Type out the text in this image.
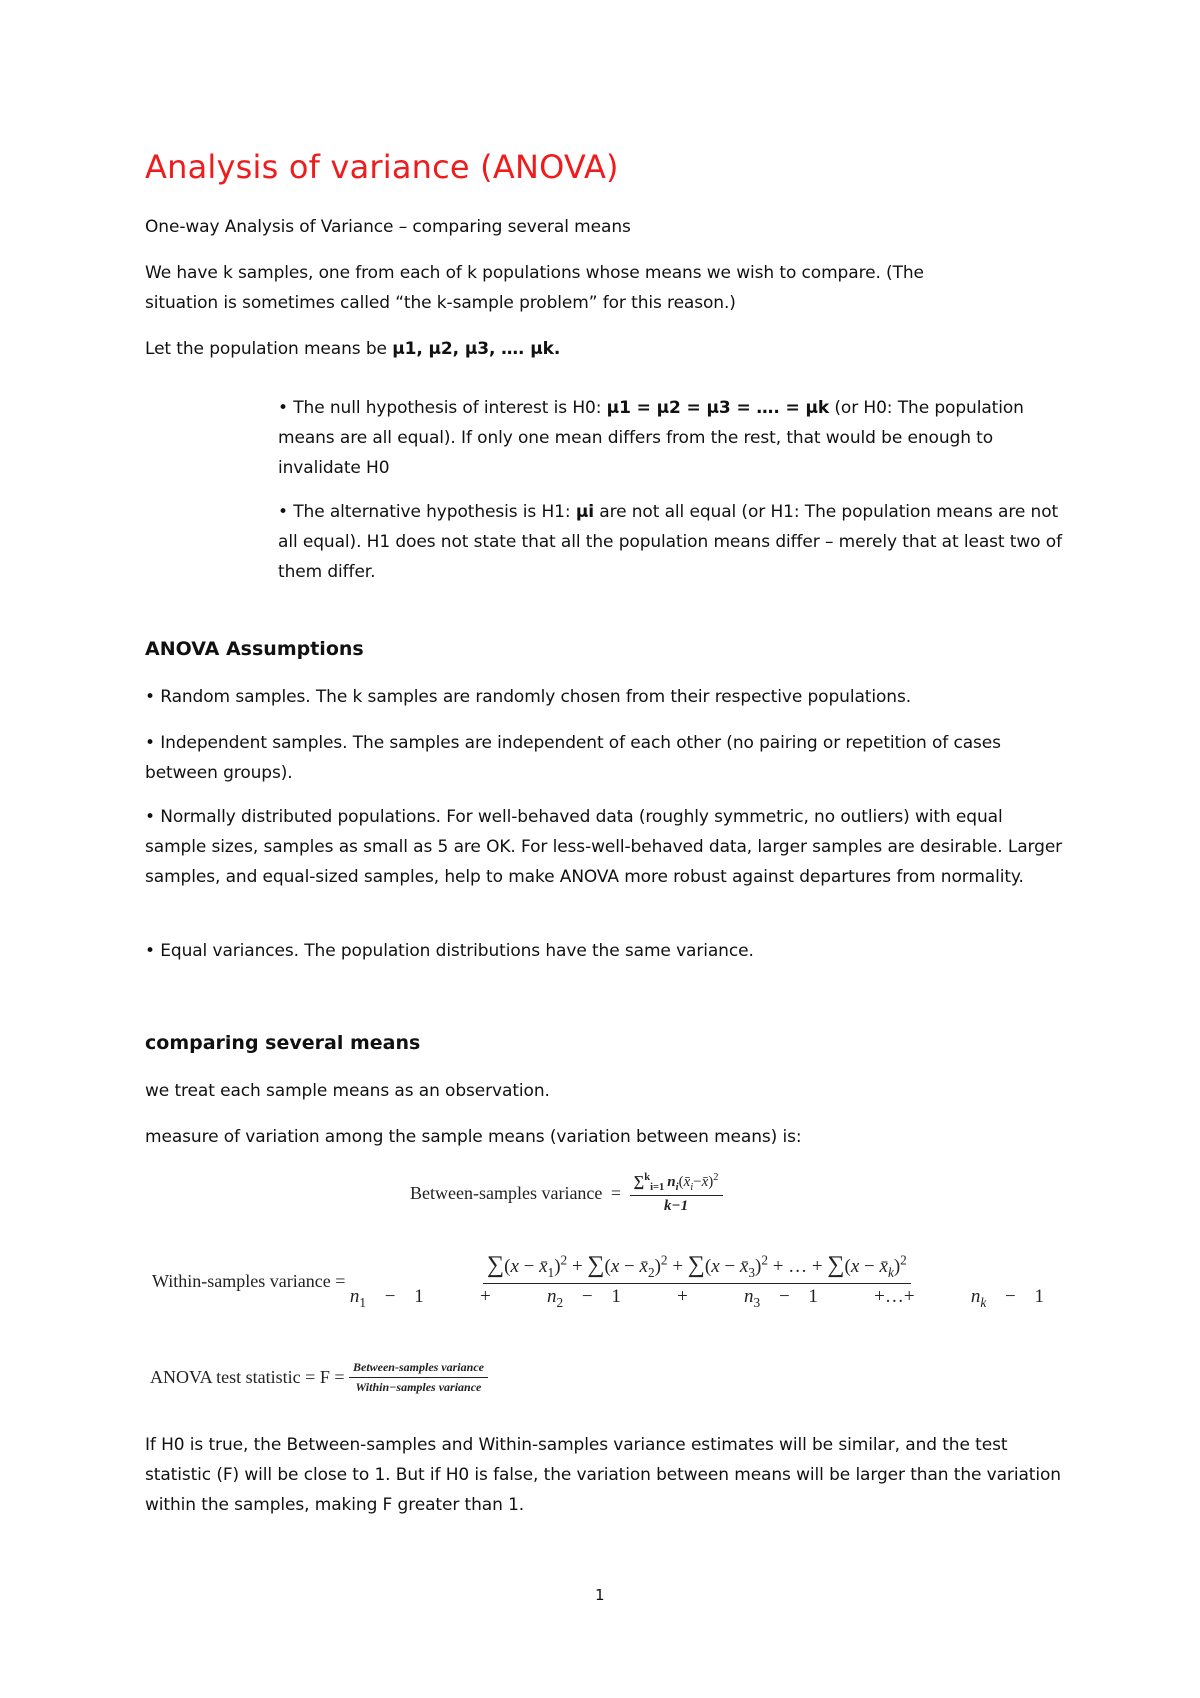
Analysis of variance (ANOVA)

One-way Analysis of Variance – comparing several means

We have k samples, one from each of k populations whose means we wish to compare. (The

situation is sometimes called “the k-sample problem” for this reason.)

Let the population means be μ1, μ2, μ3, …. μk.

• The null hypothesis of interest is H0: μ1 = μ2 = μ3 = …. = μk (or H0: The population means are all equal). If only one mean differs from the rest, that would be enough to invalidate H0

• The alternative hypothesis is H1: μi are not all equal (or H1: The population means are not all equal). H1 does not state that all the population means differ – merely that at least two of them differ.

ANOVA Assumptions

• Random samples. The k samples are randomly chosen from their respective populations.

• Independent samples. The samples are independent of each other (no pairing or repetition of cases between groups).

• Normally distributed populations. For well-behaved data (roughly symmetric, no outliers) with equal sample sizes, samples as small as 5 are OK. For less-well-behaved data, larger samples are desirable. Larger samples, and equal-sized samples, help to make ANOVA more robust against departures from normality.

• Equal variances. The population distributions have the same variance.

comparing several means

we treat each sample means as an observation.

measure of variation among the sample means (variation between means) is:

Between-samples variance = $\frac{\sum^k_{i=1} n_i(x̄_i-x̄)^2}{k-1}$
Within-samples variance = $\frac{\sum(x - x̄_1)^2 + \sum(x - x̄_2)^2 + \sum(x - x̄_3)^2 + \dots + \sum(x - x̄_k)^2}{n_1 - 1 + n_2 - 1 + n_3 - 1 +\dots+ n_k - 1}$
ANOVA test statistic = $F = \frac{\text{Between-samples variance}}{\text{Within−samples variance}}$

If H0 is true, the Between-samples and Within-samples variance estimates will be similar, and the test statistic (F) will be close to 1. But if H0 is false, the variation between means will be larger than the variation within the samples, making F greater than 1.

1
